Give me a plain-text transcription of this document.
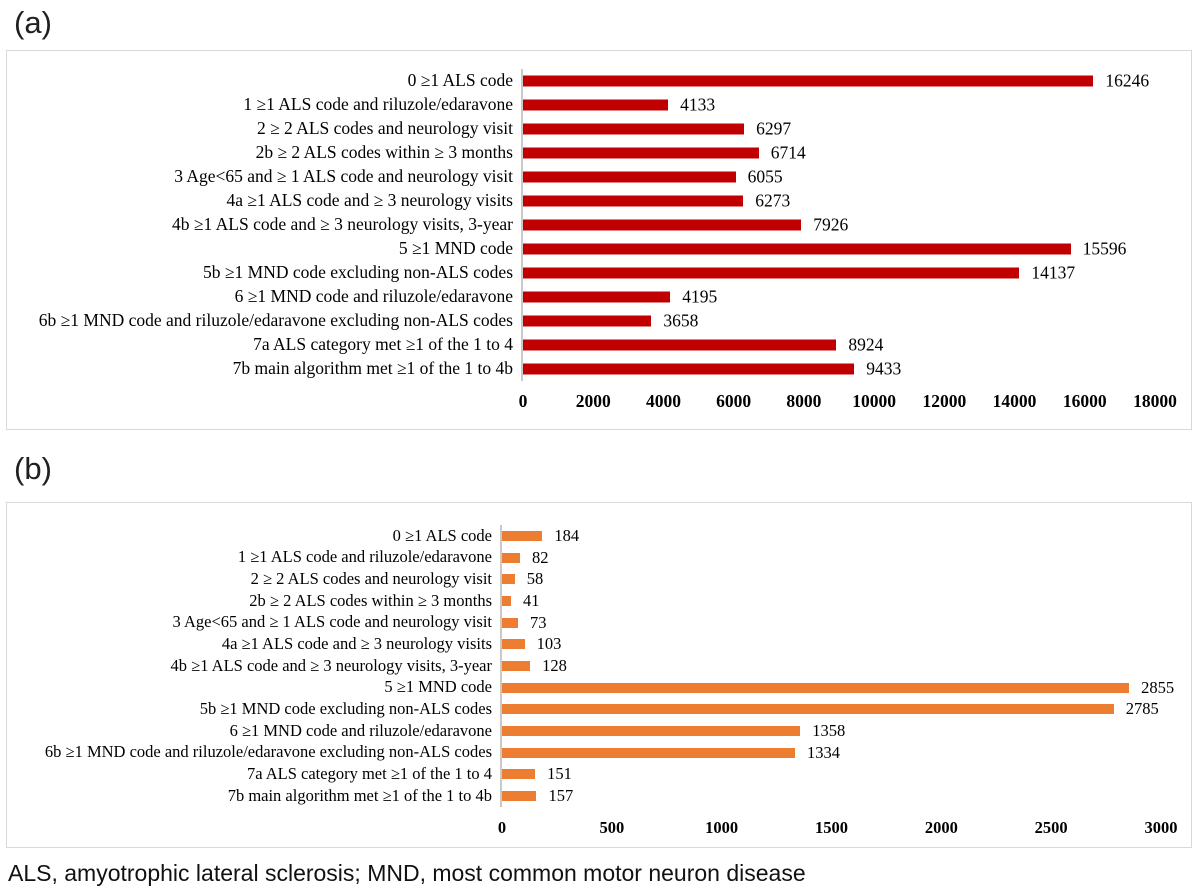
(a)
0 ≥1 ALS code	16246
1 ≥1 ALS code and riluzole/edaravone	4133
2 ≥ 2 ALS codes and neurology visit	6297
2b ≥ 2 ALS codes within ≥ 3 months	6714
3 Age<65 and ≥ 1 ALS code and neurology visit	6055
4a ≥1 ALS code and ≥ 3 neurology visits	6273
4b ≥1 ALS code and ≥ 3 neurology visits, 3-year	7926
5 ≥1 MND code	15596
5b ≥1 MND code excluding non-ALS codes	14137
6 ≥1 MND code and riluzole/edaravone	4195
6b ≥1 MND code and riluzole/edaravone excluding non-ALS codes	3658
7a ALS category met ≥1 of the 1 to 4	8924
7b main algorithm met ≥1 of the 1 to 4b	9433
0	2000 4000 6000 8000 10000 12000 14000 16000 18000
(b)
0 ≥1 ALS code	184
1 ≥1 ALS code and riluzole/edaravone	82
2 ≥ 2 ALS codes and neurology visit	58
2b ≥ 2 ALS codes within ≥ 3 months	41
3 Age<65 and ≥ 1 ALS code and neurology visit	73
4a ≥1 ALS code and ≥ 3 neurology visits	103
4b ≥1 ALS code and ≥ 3 neurology visits, 3-year	128
5 ≥1 MND code	2855
5b ≥1 MND code excluding non-ALS codes	2785
6 ≥1 MND code and riluzole/edaravone	1358
6b ≥1 MND code and riluzole/edaravone excluding non-ALS codes	1334
7a ALS category met ≥1 of the 1 to 4	151
7b main algorithm met ≥1 of the 1 to 4b	157
0	500	1000	1500	2000	2500	3000
ALS, amyotrophic lateral sclerosis; MND, most common motor neuron disease
